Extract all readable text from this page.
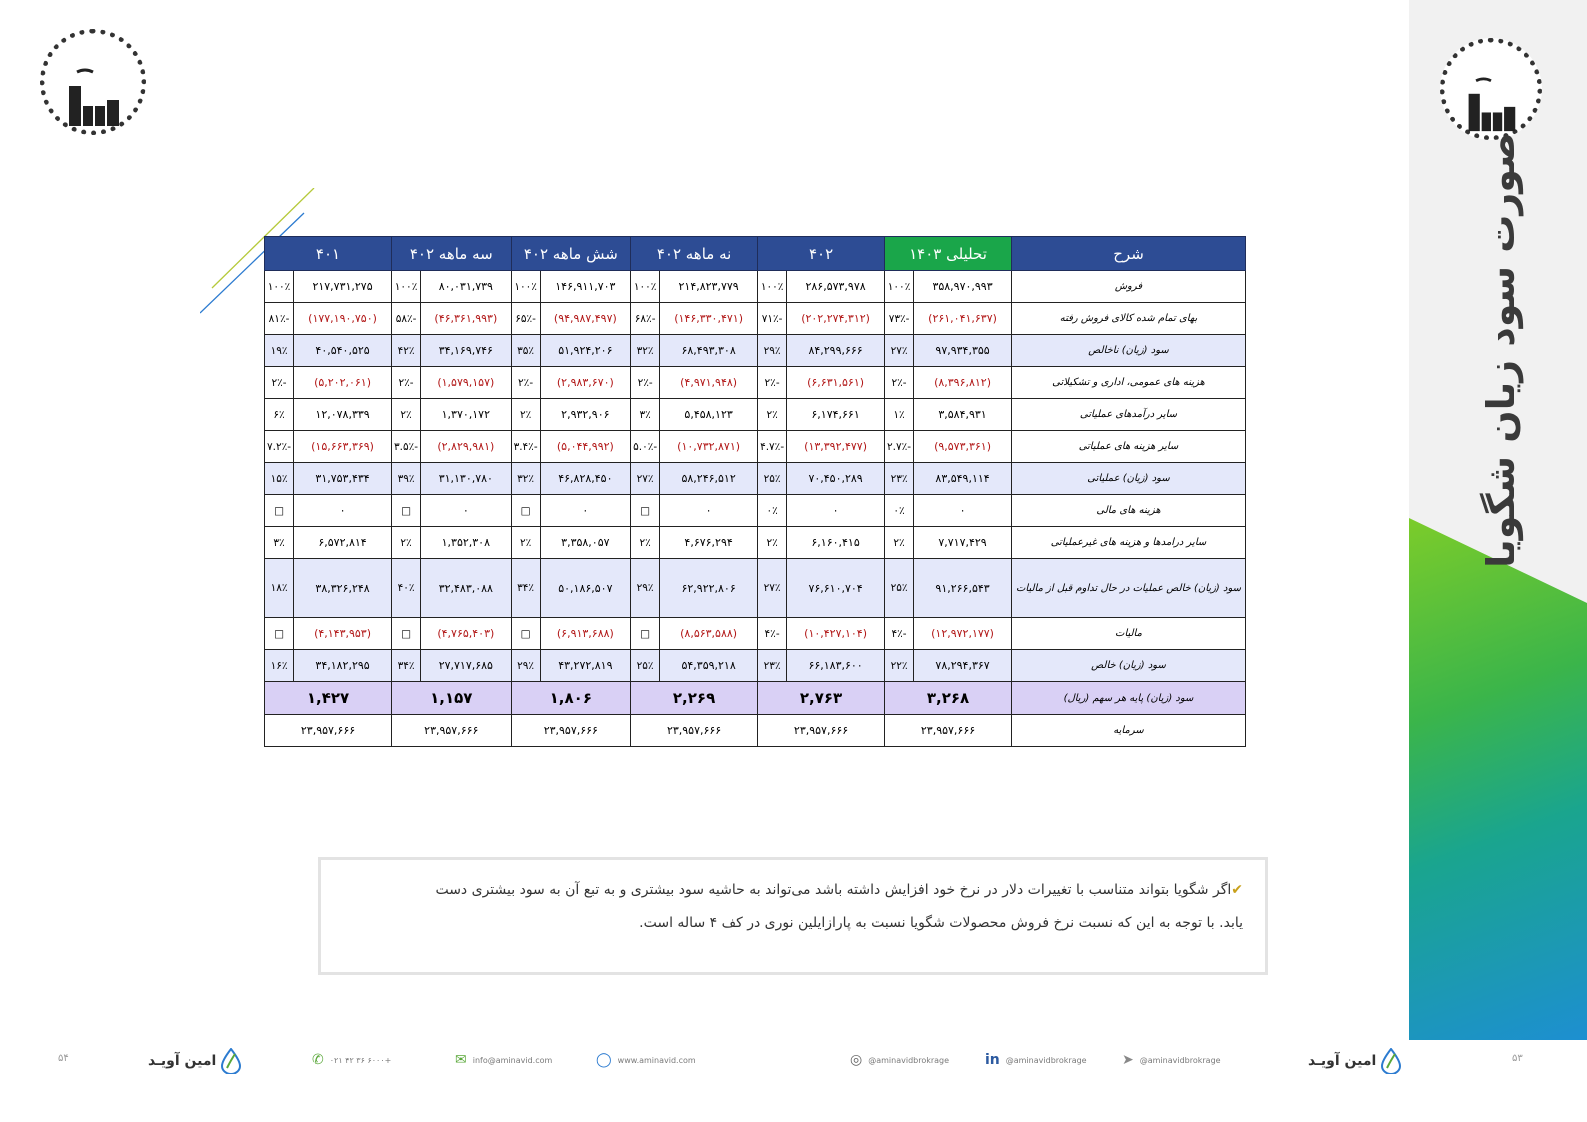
صورت سود زیان شگویا
شرح	تحلیلی ۱۴۰۳		۴۰۲		نه ماهه ۴۰۲		شش ماهه ۴۰۲		سه ماهه ۴۰۲		۴۰۱	
فروش	۳۵۸,۹۷۰,۹۹۳	۱۰۰٪	۲۸۶,۵۷۳,۹۷۸	۱۰۰٪	۲۱۴,۸۲۳,۷۷۹	۱۰۰٪	۱۴۶,۹۱۱,۷۰۳	۱۰۰٪	۸۰,۰۳۱,۷۳۹	۱۰۰٪	۲۱۷,۷۳۱,۲۷۵	۱۰۰٪
بهای تمام شده کالای فروش رفته	(۲۶۱,۰۴۱,۶۳۷)	-۷۳٪	(۲۰۲,۲۷۴,۳۱۲)	-۷۱٪	(۱۴۶,۳۳۰,۴۷۱)	-۶۸٪	(۹۴,۹۸۷,۴۹۷)	-۶۵٪	(۴۶,۳۶۱,۹۹۳)	-۵۸٪	(۱۷۷,۱۹۰,۷۵۰)	-۸۱٪
سود (زیان) ناخالص	۹۷,۹۳۴,۳۵۵	۲۷٪	۸۴,۲۹۹,۶۶۶	۲۹٪	۶۸,۴۹۳,۳۰۸	۳۲٪	۵۱,۹۲۴,۲۰۶	۳۵٪	۳۴,۱۶۹,۷۴۶	۴۲٪	۴۰,۵۴۰,۵۲۵	۱۹٪
هزینه های عمومی، اداری و تشکیلاتی	(۸,۳۹۶,۸۱۲)	-۲٪	(۶,۶۳۱,۵۶۱)	-۲٪	(۴,۹۷۱,۹۴۸)	-۲٪	(۲,۹۸۳,۶۷۰)	-۲٪	(۱,۵۷۹,۱۵۷)	-۲٪	(۵,۲۰۲,۰۶۱)	-۲٪
سایر درآمدهای عملیاتی	۳,۵۸۴,۹۳۱	۱٪	۶,۱۷۴,۶۶۱	۲٪	۵,۴۵۸,۱۲۳	۳٪	۲,۹۳۲,۹۰۶	۲٪	۱,۳۷۰,۱۷۲	۲٪	۱۲,۰۷۸,۳۳۹	۶٪
سایر هزینه های عملیاتی	(۹,۵۷۳,۳۶۱)	-۲.۷٪	(۱۳,۳۹۲,۴۷۷)	-۴.۷٪	(۱۰,۷۳۲,۸۷۱)	-۵.۰٪	(۵,۰۴۴,۹۹۲)	-۳.۴٪	(۲,۸۲۹,۹۸۱)	-۳.۵٪	(۱۵,۶۶۳,۳۶۹)	-۷.۲٪
سود (زیان) عملیاتی	۸۳,۵۴۹,۱۱۴	۲۳٪	۷۰,۴۵۰,۲۸۹	۲۵٪	۵۸,۲۴۶,۵۱۲	۲۷٪	۴۶,۸۲۸,۴۵۰	۳۲٪	۳۱,۱۳۰,۷۸۰	۳۹٪	۳۱,۷۵۳,۴۳۴	۱۵٪
هزینه های مالی	۰	۰٪	۰	۰٪	۰	□	۰	□	۰	□	۰	□
سایر درامدها و هزینه های غیرعملیاتی	۷,۷۱۷,۴۲۹	۲٪	۶,۱۶۰,۴۱۵	۲٪	۴,۶۷۶,۲۹۴	۲٪	۳,۳۵۸,۰۵۷	۲٪	۱,۳۵۲,۳۰۸	۲٪	۶,۵۷۲,۸۱۴	۳٪
سود (زیان) خالص عملیات در حال تداوم قبل از مالیات	۹۱,۲۶۶,۵۴۳	۲۵٪	۷۶,۶۱۰,۷۰۴	۲۷٪	۶۲,۹۲۲,۸۰۶	۲۹٪	۵۰,۱۸۶,۵۰۷	۳۴٪	۳۲,۴۸۳,۰۸۸	۴۰٪	۳۸,۳۲۶,۲۴۸	۱۸٪
مالیات	(۱۲,۹۷۲,۱۷۷)	-۴٪	(۱۰,۴۲۷,۱۰۴)	-۴٪	(۸,۵۶۳,۵۸۸)	□	(۶,۹۱۳,۶۸۸)	□	(۴,۷۶۵,۴۰۳)	□	(۴,۱۴۳,۹۵۳)	□
سود (زیان) خالص	۷۸,۲۹۴,۳۶۷	۲۲٪	۶۶,۱۸۳,۶۰۰	۲۳٪	۵۴,۳۵۹,۲۱۸	۲۵٪	۴۳,۲۷۲,۸۱۹	۲۹٪	۲۷,۷۱۷,۶۸۵	۳۴٪	۳۴,۱۸۲,۲۹۵	۱۶٪
سود (زیان) پایه هر سهم (ریال)	۳,۲۶۸		۲,۷۶۳		۲,۲۶۹		۱,۸۰۶		۱,۱۵۷		۱,۴۲۷	
سرمایه	۲۳,۹۵۷,۶۶۶		۲۳,۹۵۷,۶۶۶		۲۳,۹۵۷,۶۶۶		۲۳,۹۵۷,۶۶۶		۲۳,۹۵۷,۶۶۶		۲۳,۹۵۷,۶۶۶	
✔اگر شگویا بتواند متناسب با تغییرات دلار در نرخ خود افزایش داشته باشد می‌تواند به حاشیه سود بیشتری و به تبع آن به سود بیشتری دست
یابد. با توجه به این که نسبت نرخ فروش محصولات شگویا نسبت به پارازایلین نوری در کف ۴ ساله است.
۵۴	امین آویـد	✆ ۰۲۱ ۴۲ ۳۶ ۶۰۰۰+	✉ info@aminavid.com	◯ www.aminavid.com	◎ @aminavidbrokrage	in @aminavidbrokrage	➤ @aminavidbrokrage	امین آویـد	۵۳
